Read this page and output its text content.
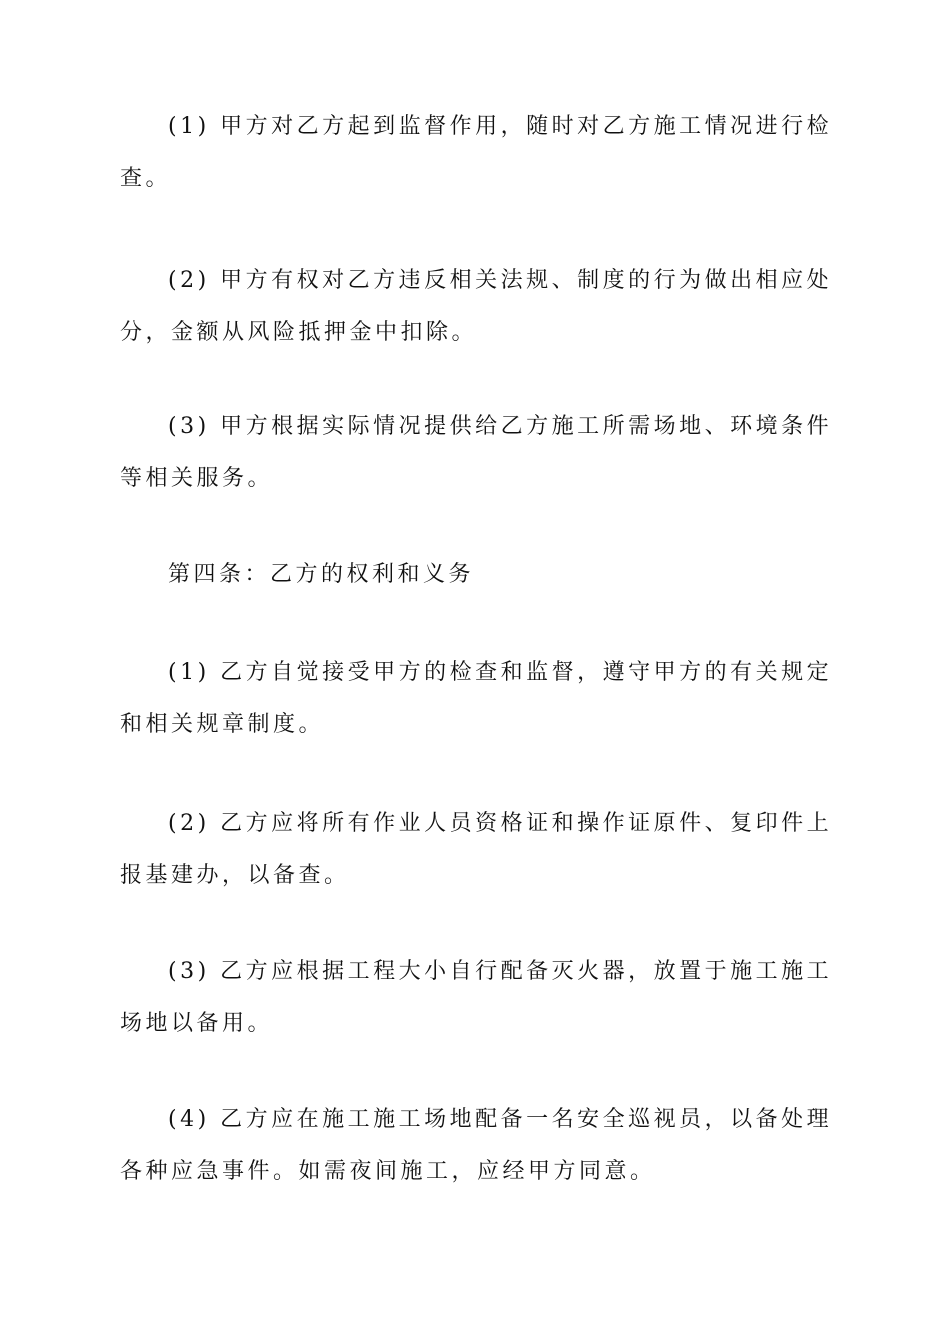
(1) 甲方对乙方起到监督作用，随时对乙方施工情况进行检查。

(2) 甲方有权对乙方违反相关法规、制度的行为做出相应处分，金额从风险抵押金中扣除。

(3) 甲方根据实际情况提供给乙方施工所需场地、环境条件等相关服务。

第四条：乙方的权利和义务

(1) 乙方自觉接受甲方的检查和监督，遵守甲方的有关规定和相关规章制度。

(2) 乙方应将所有作业人员资格证和操作证原件、复印件上报基建办，以备查。

(3) 乙方应根据工程大小自行配备灭火器，放置于施工施工场地以备用。

(4) 乙方应在施工施工场地配备一名安全巡视员，以备处理各种应急事件。如需夜间施工，应经甲方同意。
